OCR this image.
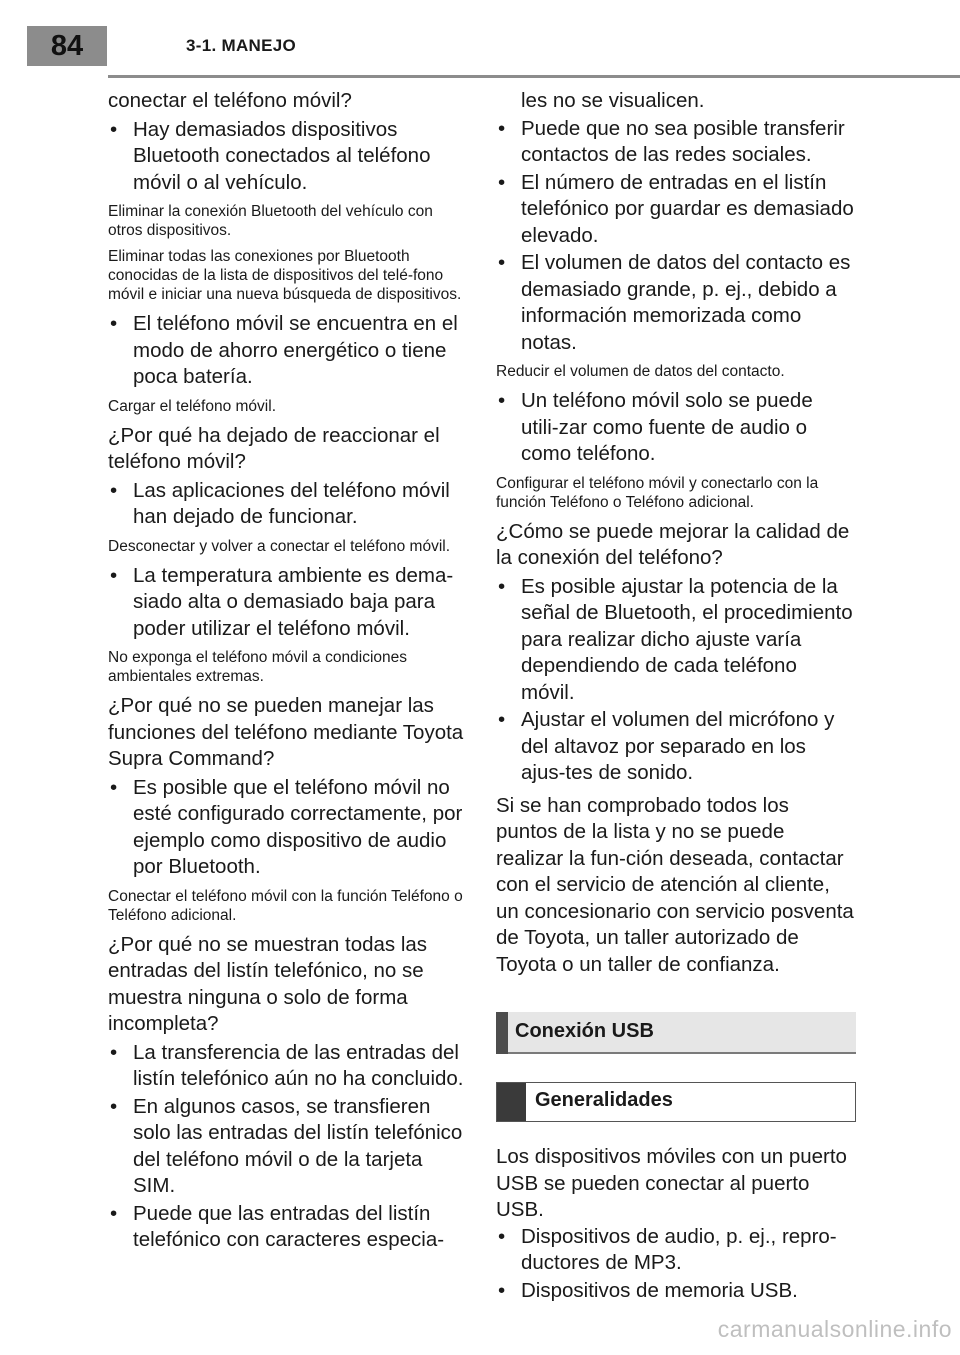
84	3-1. MANEJO

conectar el teléfono móvil?

• Hay demasiados dispositivos Bluetooth conectados al teléfono móvil o al vehículo.

Eliminar la conexión Bluetooth del vehículo con otros dispositivos.

Eliminar todas las conexiones por Bluetooth conocidas de la lista de dispositivos del telé-fono móvil e iniciar una nueva búsqueda de dispositivos.

• El teléfono móvil se encuentra en el modo de ahorro energético o tiene poca batería.

Cargar el teléfono móvil.

¿Por qué ha dejado de reaccionar el teléfono móvil?

• Las aplicaciones del teléfono móvil han dejado de funcionar.

Desconectar y volver a conectar el teléfono móvil.

• La temperatura ambiente es dema-siado alta o demasiado baja para poder utilizar el teléfono móvil.

No exponga el teléfono móvil a condiciones ambientales extremas.

¿Por qué no se pueden manejar las funciones del teléfono mediante Toyota Supra Command?

• Es posible que el teléfono móvil no esté configurado correctamente, por ejemplo como dispositivo de audio por Bluetooth.

Conectar el teléfono móvil con la función Teléfono o Teléfono adicional.

¿Por qué no se muestran todas las entradas del listín telefónico, no se muestra ninguna o solo de forma incompleta?

• La transferencia de las entradas del listín telefónico aún no ha concluido.
• En algunos casos, se transfieren solo las entradas del listín telefónico del teléfono móvil o de la tarjeta SIM.
• Puede que las entradas del listín telefónico con caracteres especia-
les no se visualicen.
• Puede que no sea posible transferir contactos de las redes sociales.
• El número de entradas en el listín telefónico por guardar es demasiado elevado.
• El volumen de datos del contacto es demasiado grande, p. ej., debido a información memorizada como notas.

Reducir el volumen de datos del contacto.

• Un teléfono móvil solo se puede utili-zar como fuente de audio o como teléfono.

Configurar el teléfono móvil y conectarlo con la función Teléfono o Teléfono adicional.

¿Cómo se puede mejorar la calidad de la conexión del teléfono?

• Es posible ajustar la potencia de la señal de Bluetooth, el procedimiento para realizar dicho ajuste varía dependiendo de cada teléfono móvil.
• Ajustar el volumen del micrófono y del altavoz por separado en los ajus-tes de sonido.

Si se han comprobado todos los puntos de la lista y no se puede realizar la fun-ción deseada, contactar con el servicio de atención al cliente, un concesionario con servicio posventa de Toyota, un taller autorizado de Toyota o un taller de confianza.

Conexión USB
Generalidades

Los dispositivos móviles con un puerto USB se pueden conectar al puerto USB.

• Dispositivos de audio, p. ej., repro-ductores de MP3.
• Dispositivos de memoria USB.
carmanualsonline.info
